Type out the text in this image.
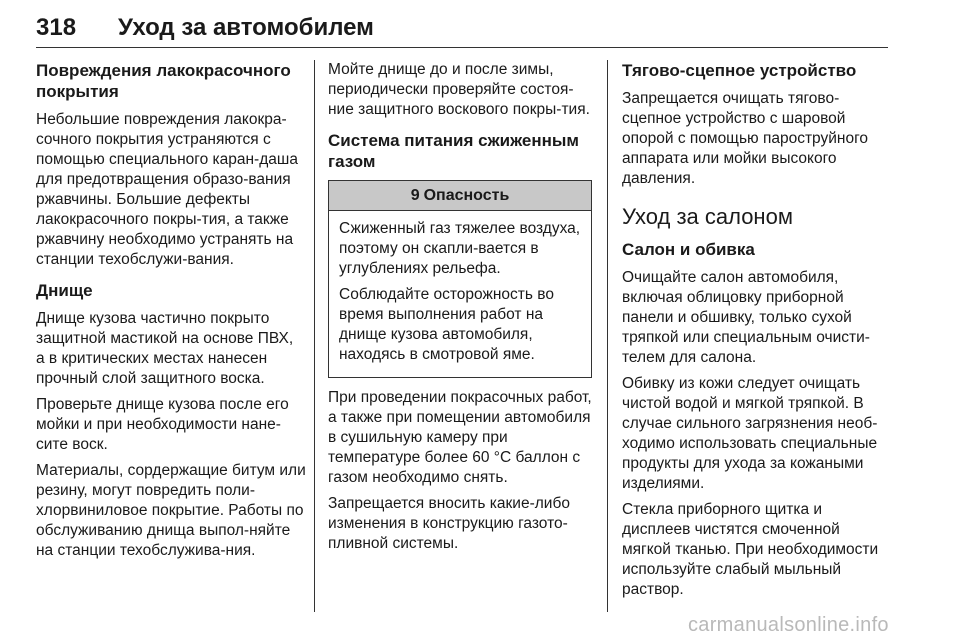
318 Уход за автомобилем
Повреждения лакокрасочного покрытия

Небольшие повреждения лакокра-сочного покрытия устраняются с помощью специального каран-даша для предотвращения образо-вания ржавчины. Большие дефекты лакокрасочного покры-тия, а также ржавчину необходимо устранять на станции техобслужи-вания.

Днище

Днище кузова частично покрыто защитной мастикой на основе ПВХ, а в критических местах нанесен прочный слой защитного воска.

Проверьте днище кузова после его мойки и при необходимости нане-сите воск.

Материалы, сордержащие битум или резину, могут повредить поли-хлорвиниловое покрытие. Работы по обслуживанию днища выпол-няйте на станции техобслужива-ния.

Мойте днище до и после зимы, периодически проверяйте состоя-ние защитного воскового покры-тия.

Система питания сжиженным газом
9 Опасность

Сжиженный газ тяжелее воздуха, поэтому он скапли-вается в углублениях рельефа.

Соблюдайте осторожность во время выполнения работ на днище кузова автомобиля, находясь в смотровой яме.

При проведении покрасочных работ, а также при помещении автомобиля в сушильную камеру при температуре более 60 °C баллон с газом необходимо снять.

Запрещается вносить какие-либо изменения в конструкцию газото-пливной системы.

Тягово-сцепное устройство

Запрещается очищать тягово-сцепное устройство с шаровой опорой с помощью пароструйного аппарата или мойки высокого давления.

Уход за салоном
Салон и обивка

Очищайте салон автомобиля, включая облицовку приборной панели и обшивку, только сухой тряпкой или специальным очисти-телем для салона.

Обивку из кожи следует очищать чистой водой и мягкой тряпкой. В случае сильного загрязнения необ-ходимо использовать специальные продукты для ухода за кожаными изделиями.

Стекла приборного щитка и дисплеев чистятся смоченной мягкой тканью. При необходимости используйте слабый мыльный раствор.

carmanualsonline.info
